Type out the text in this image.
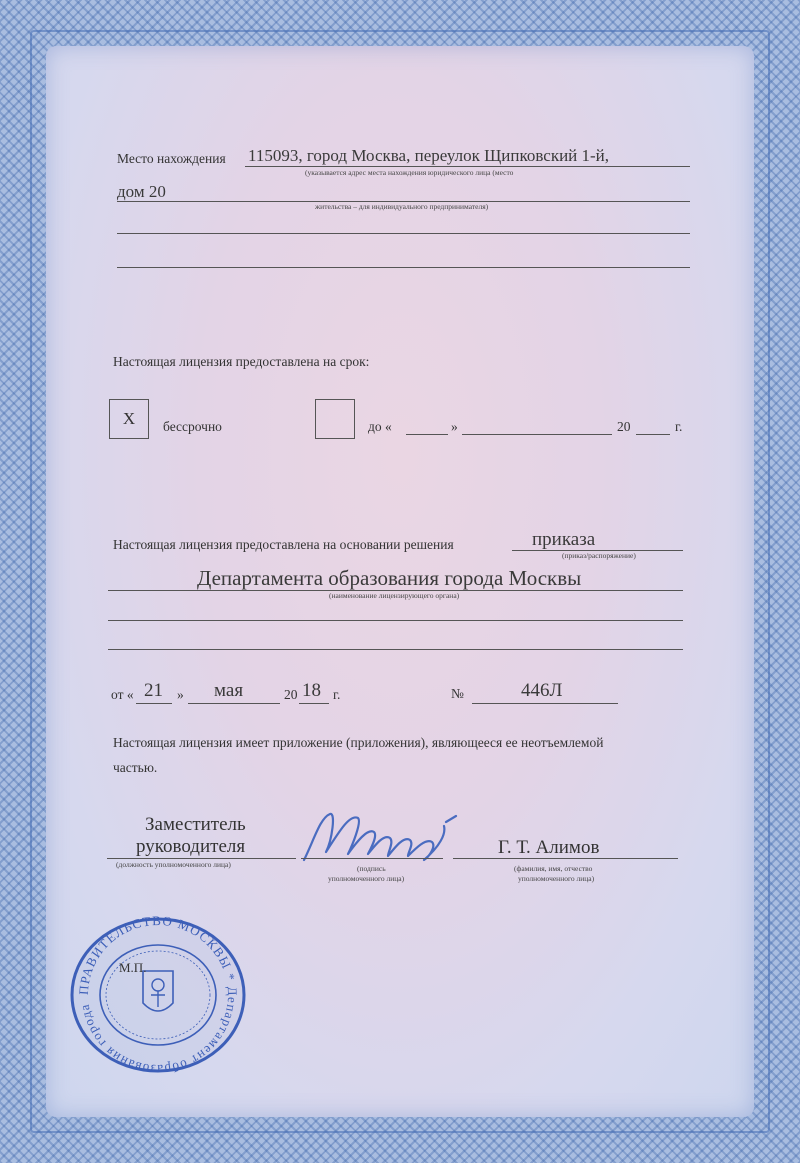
Место нахождения 115093, город Москва, переулок Щипковский 1-й,
(указывается адрес места нахождения юридического лица (место
дом 20
жительства – для индивидуального предпринимателя)
Настоящая лицензия предоставлена на срок:
Х бессрочно	до «	»	20	г.
Настоящая лицензия предоставлена на основании решения	приказа
(приказ/распоряжение)
Департамента образования города Москвы
(наименование лицензирующего органа)
от « 21 » мая	20 18 г.	№	446Л
Настоящая лицензия имеет приложение (приложения), являющееся ее неотъемлемой
частью.
Заместитель
руководителя
(должность уполномоченного лица)	(подпись
уполномоченного лица)
Г. Т. Алимов
(фамилия, имя, отчество
уполномоченного лица)
ПРАВИТЕЛЬСТВО МОСКВЫ * Департамент образования города
М.П.
